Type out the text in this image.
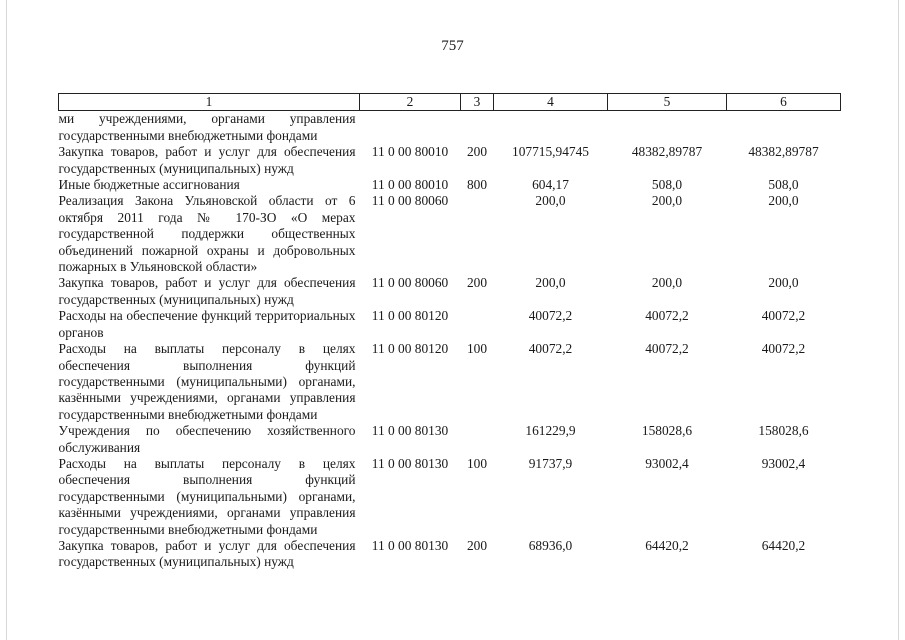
757
1	2	3	4	5	6
ми учреждениями, органами управления государственными внебюджетными фондами					
Закупка товаров, работ и услуг для обеспечения государственных (муниципальных) нужд	11 0 00 80010	200	107715,94745	48382,89787	48382,89787
Иные бюджетные ассигнования	11 0 00 80010	800	604,17	508,0	508,0
Реализация Закона Ульяновской области от 6 октября 2011 года № 170-ЗО «О мерах государственной поддержки общественных объединений пожарной охраны и добровольных пожарных в Ульяновской области»	11 0 00 80060		200,0	200,0	200,0
Закупка товаров, работ и услуг для обеспечения государственных (муниципальных) нужд	11 0 00 80060	200	200,0	200,0	200,0
Расходы на обеспечение функций территориальных органов	11 0 00 80120		40072,2	40072,2	40072,2
Расходы на выплаты персоналу в целях обеспечения выполнения функций государственными (муниципальными) органами, казёнными учреждениями, органами управления государственными внебюджетными фондами	11 0 00 80120	100	40072,2	40072,2	40072,2
Учреждения по обеспечению хозяйственного обслуживания	11 0 00 80130		161229,9	158028,6	158028,6
Расходы на выплаты персоналу в целях обеспечения выполнения функций государственными (муниципальными) органами, казёнными учреждениями, органами управления государственными внебюджетными фондами	11 0 00 80130	100	91737,9	93002,4	93002,4
Закупка товаров, работ и услуг для обеспечения государственных (муниципальных) нужд	11 0 00 80130	200	68936,0	64420,2	64420,2
